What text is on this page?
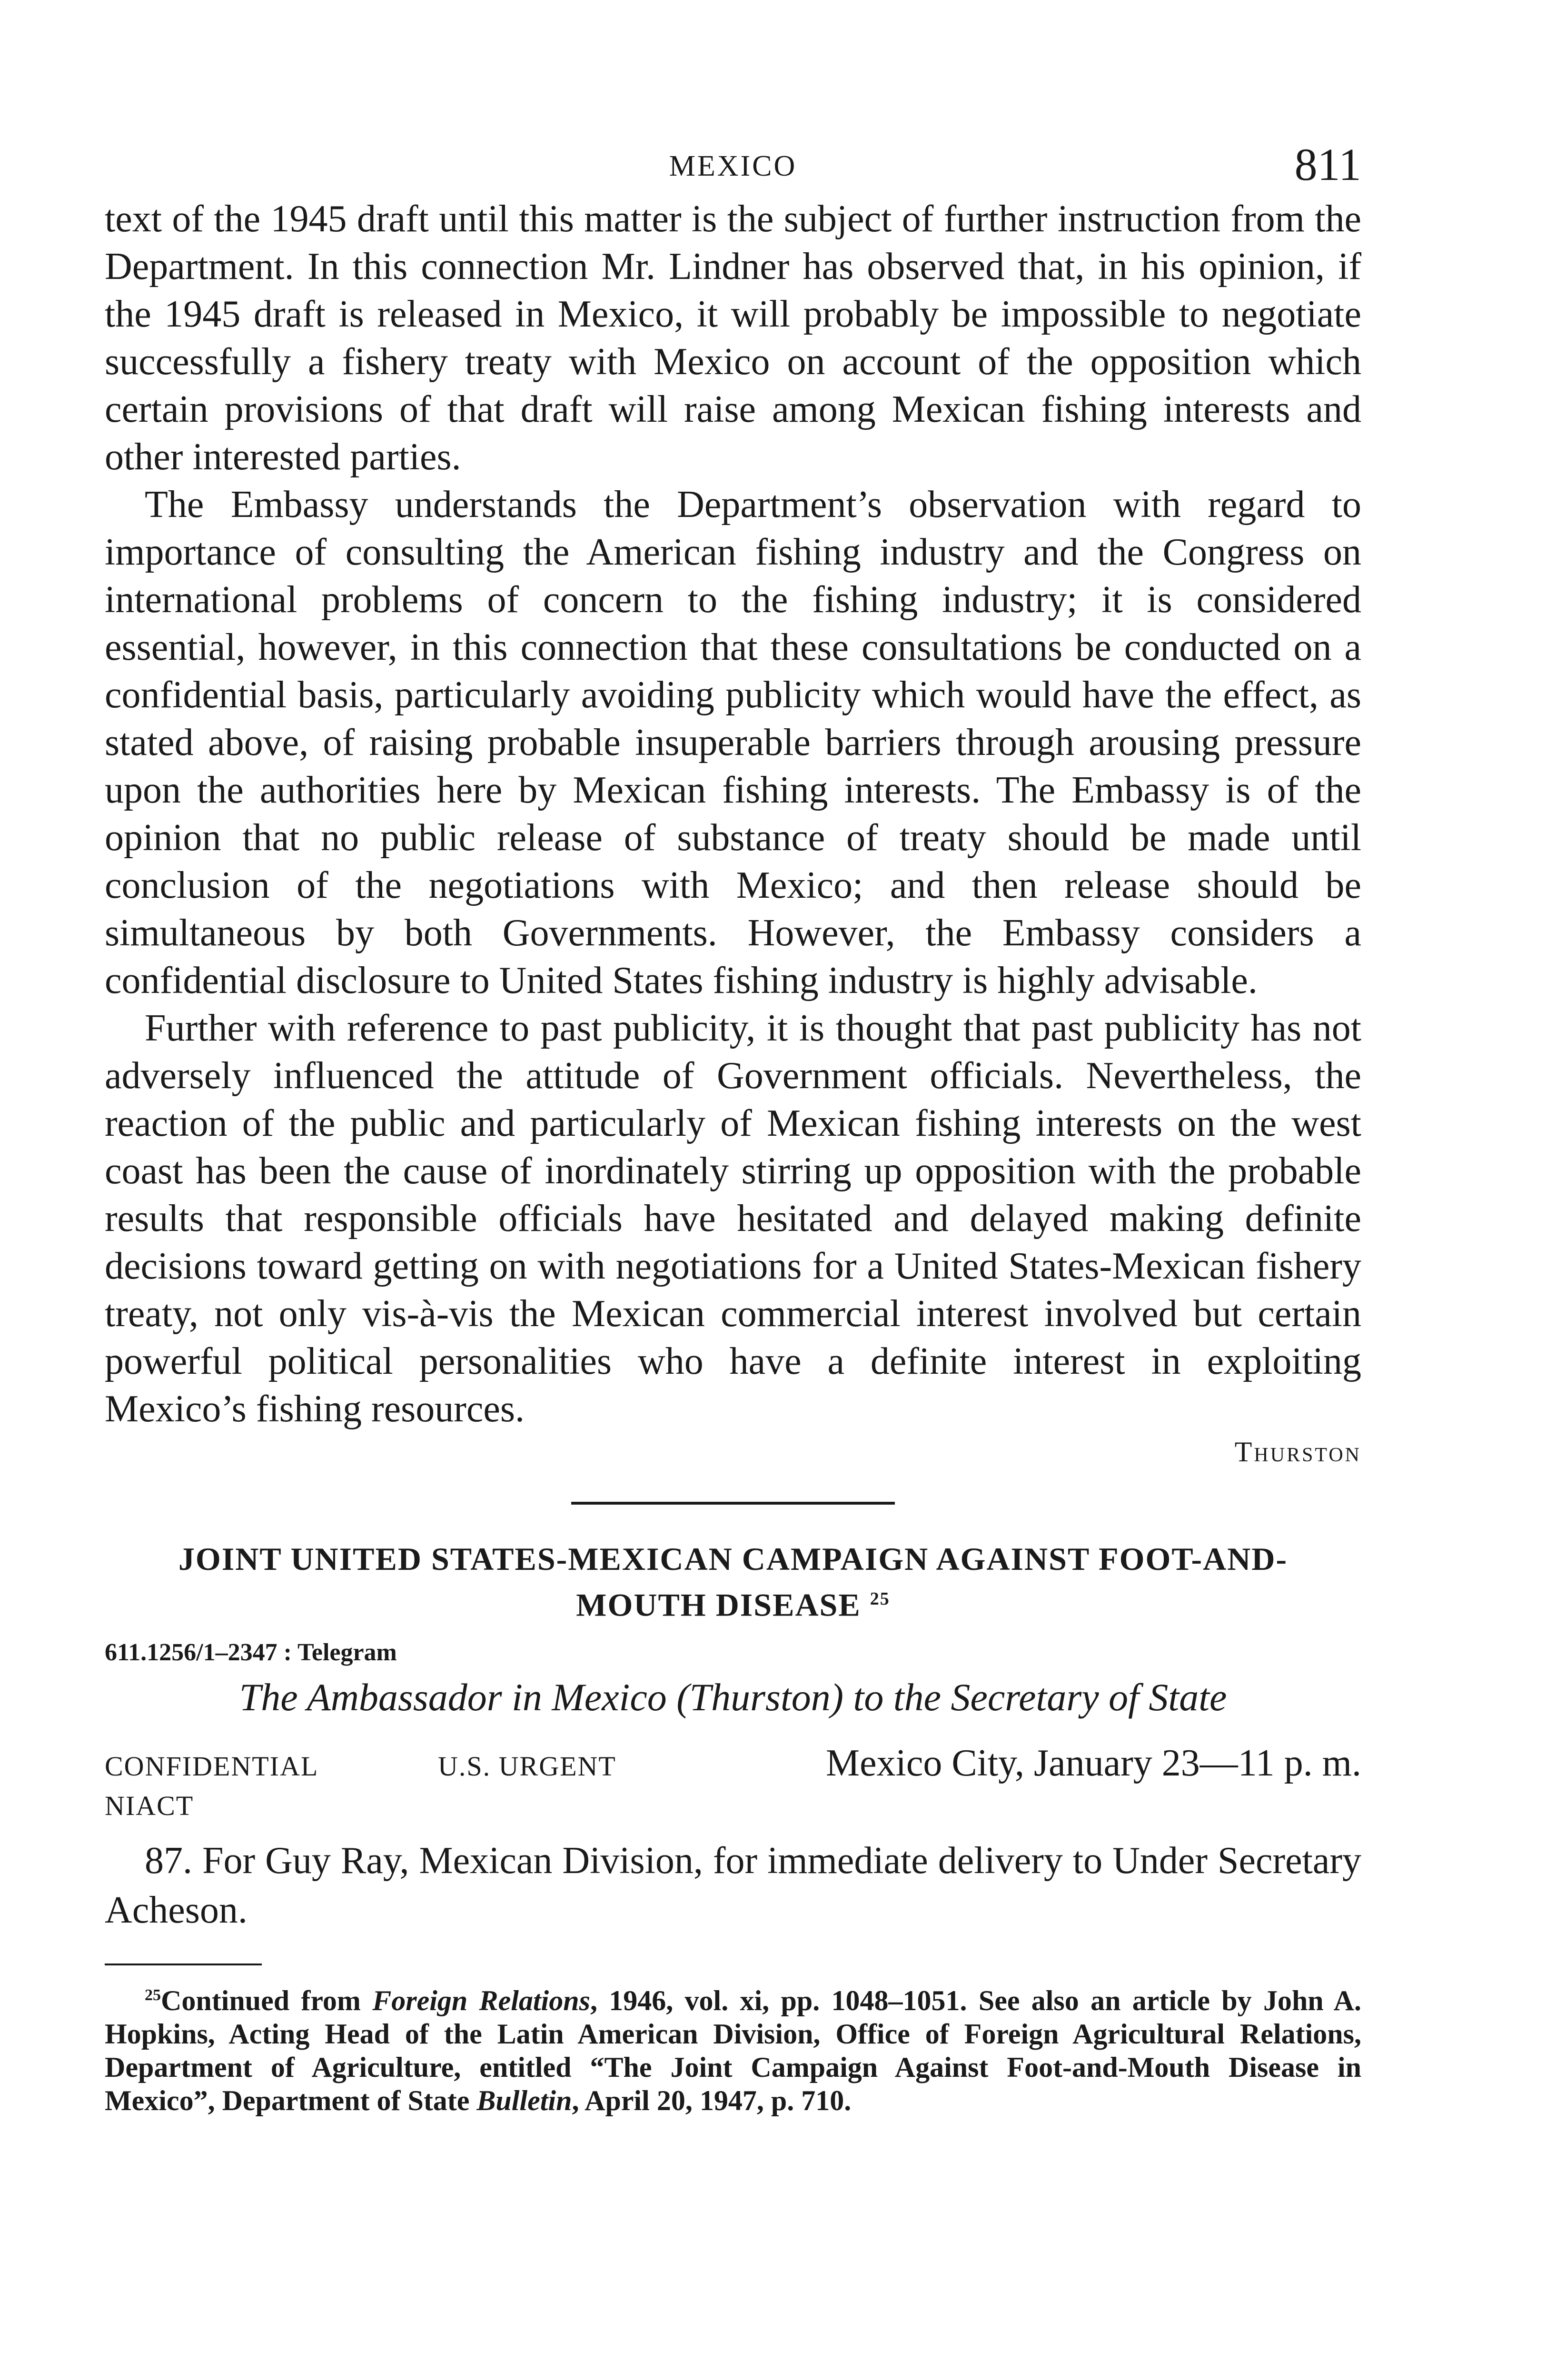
MEXICO	811

text of the 1945 draft until this matter is the subject of further instruction from the Department. In this connection Mr. Lindner has observed that, in his opinion, if the 1945 draft is released in Mexico, it will probably be impossible to negotiate successfully a fishery treaty with Mexico on account of the opposition which certain provisions of that draft will raise among Mexican fishing interests and other interested parties.

The Embassy understands the Department’s observation with regard to importance of consulting the American fishing industry and the Congress on international problems of concern to the fishing industry; it is considered essential, however, in this connection that these consultations be conducted on a confidential basis, particularly avoiding publicity which would have the effect, as stated above, of raising probable insuperable barriers through arousing pressure upon the authorities here by Mexican fishing interests. The Embassy is of the opinion that no public release of substance of treaty should be made until conclusion of the negotiations with Mexico; and then release should be simultaneous by both Governments. However, the Embassy considers a confidential disclosure to United States fishing industry is highly advisable.

Further with reference to past publicity, it is thought that past publicity has not adversely influenced the attitude of Government officials. Nevertheless, the reaction of the public and particularly of Mexican fishing interests on the west coast has been the cause of inordinately stirring up opposition with the probable results that responsible officials have hesitated and delayed making definite decisions toward getting on with negotiations for a United States-Mexican fishery treaty, not only vis-à-vis the Mexican commercial interest involved but certain powerful political personalities who have a definite interest in exploiting Mexico’s fishing resources.

Thurston
JOINT UNITED STATES-MEXICAN CAMPAIGN AGAINST FOOT-AND-
MOUTH DISEASE $^{25}$
611.1256/1–2347 : Telegram
The Ambassador in Mexico (Thurston) to the Secretary of State
CONFIDENTIAL	U.S. URGENT	Mexico City, January 23—11 p. m.
NIACT
87. For Guy Ray, Mexican Division, for immediate delivery to Under Secretary Acheson.
$^{25}$Continued from Foreign Relations, 1946, vol. xi, pp. 1048–1051. See also an article by John A. Hopkins, Acting Head of the Latin American Division, Office of Foreign Agricultural Relations, Department of Agriculture, entitled “The Joint Campaign Against Foot-and-Mouth Disease in Mexico”, Department of State Bulletin, April 20, 1947, p. 710.
